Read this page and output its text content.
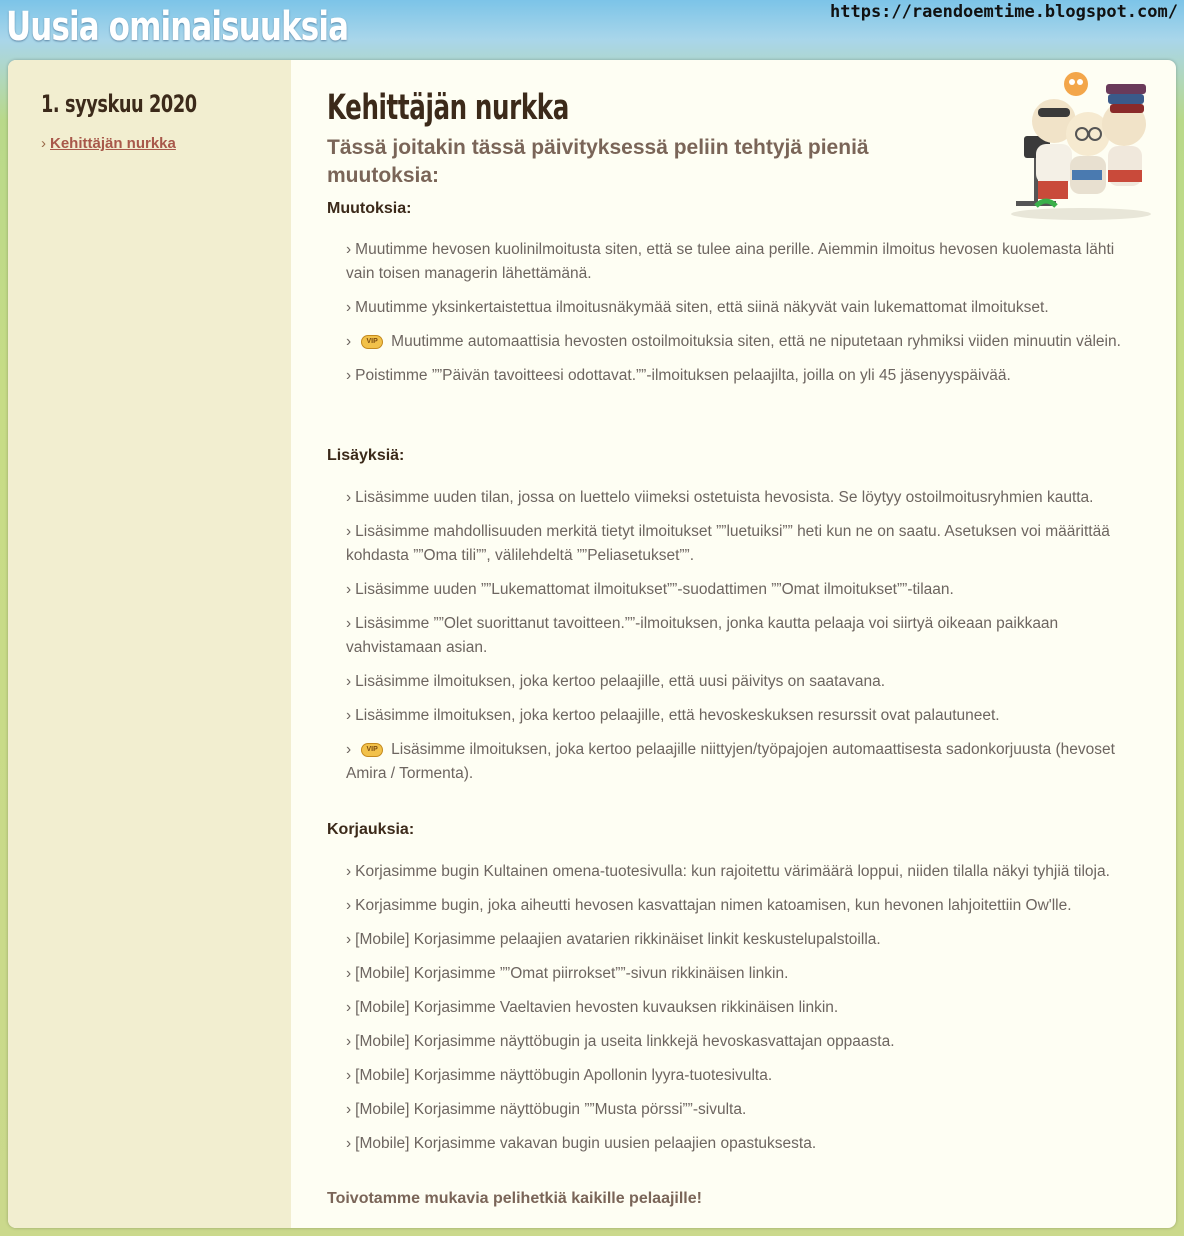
Uusia ominaisuuksia	https://raendoemtime.blogspot.com/
1. syyskuu 2020
› Kehittäjän nurkka
Kehittäjän nurkka
Tässä joitakin tässä päivityksessä peliin tehtyjä pieniä muutoksia:
Muutoksia:
› Muutimme hevosen kuolinilmoitusta siten, että se tulee aina perille. Aiemmin ilmoitus hevosen kuolemasta lähti vain toisen managerin lähettämänä.
› Muutimme yksinkertaistettua ilmoitusnäkymää siten, että siinä näkyvät vain lukemattomat ilmoitukset.
› VIP Muutimme automaattisia hevosten ostoilmoituksia siten, että ne niputetaan ryhmiksi viiden minuutin välein.
› Poistimme ””Päivän tavoitteesi odottavat.””-ilmoituksen pelaajilta, joilla on yli 45 jäsenyyspäivää.
Lisäyksiä:
› Lisäsimme uuden tilan, jossa on luettelo viimeksi ostetuista hevosista. Se löytyy ostoilmoitusryhmien kautta.
› Lisäsimme mahdollisuuden merkitä tietyt ilmoitukset ””luetuiksi”” heti kun ne on saatu. Asetuksen voi määrittää kohdasta ””Oma tili””, välilehdeltä ””Peliasetukset””.
› Lisäsimme uuden ””Lukemattomat ilmoitukset””-suodattimen ””Omat ilmoitukset””-tilaan.
› Lisäsimme ””Olet suorittanut tavoitteen.””-ilmoituksen, jonka kautta pelaaja voi siirtyä oikeaan paikkaan vahvistamaan asian.
› Lisäsimme ilmoituksen, joka kertoo pelaajille, että uusi päivitys on saatavana.
› Lisäsimme ilmoituksen, joka kertoo pelaajille, että hevoskeskuksen resurssit ovat palautuneet.
› VIP Lisäsimme ilmoituksen, joka kertoo pelaajille niittyjen/työpajojen automaattisesta sadonkorjuusta (hevoset Amira / Tormenta).
Korjauksia:
› Korjasimme bugin Kultainen omena-tuotesivulla: kun rajoitettu värimäärä loppui, niiden tilalla näkyi tyhjiä tiloja.
› Korjasimme bugin, joka aiheutti hevosen kasvattajan nimen katoamisen, kun hevonen lahjoitettiin Ow'lle.
› [Mobile] Korjasimme pelaajien avatarien rikkinäiset linkit keskustelupalstoilla.
› [Mobile] Korjasimme ””Omat piirrokset””-sivun rikkinäisen linkin.
› [Mobile] Korjasimme Vaeltavien hevosten kuvauksen rikkinäisen linkin.
› [Mobile] Korjasimme näyttöbugin ja useita linkkejä hevoskasvattajan oppaasta.
› [Mobile] Korjasimme näyttöbugin Apollonin lyyra-tuotesivulta.
› [Mobile] Korjasimme näyttöbugin ””Musta pörssi””-sivulta.
› [Mobile] Korjasimme vakavan bugin uusien pelaajien opastuksesta.
Toivotamme mukavia pelihetkiä kaikille pelaajille!
